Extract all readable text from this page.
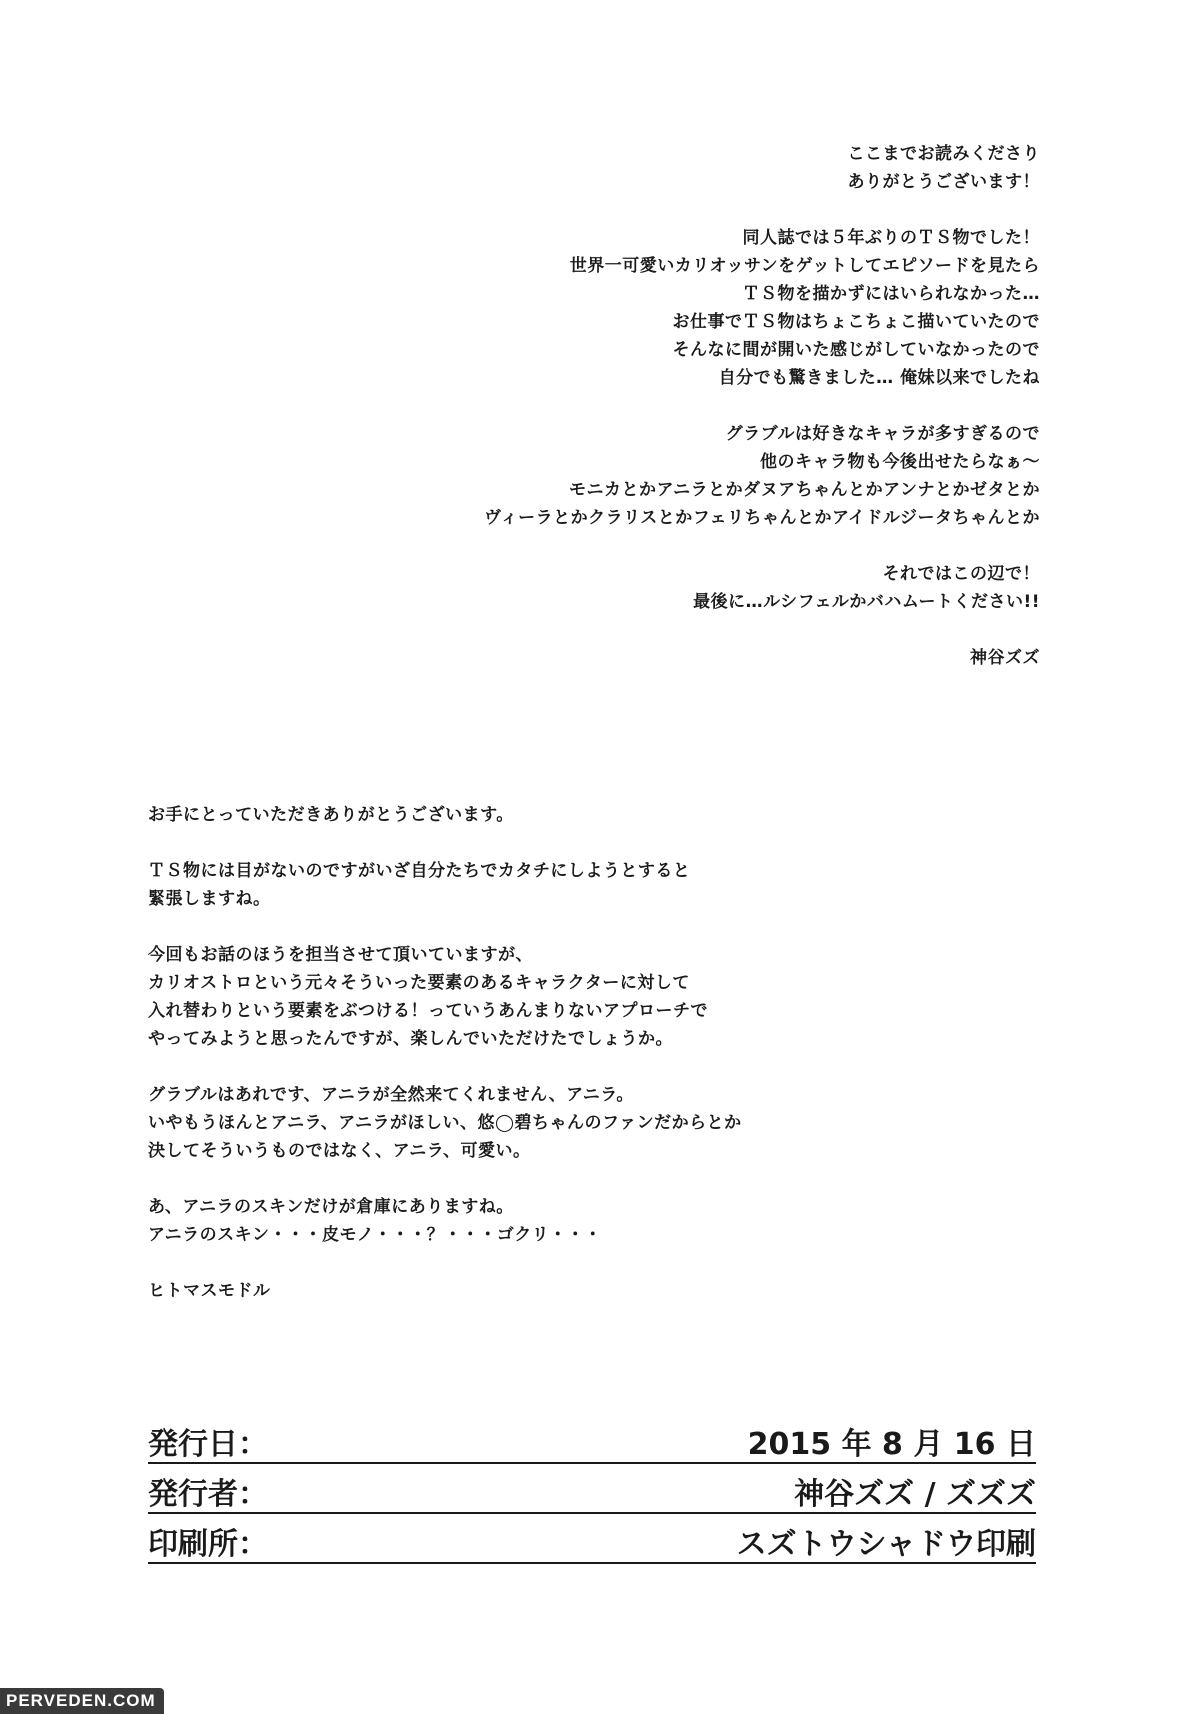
ここまでお読みくださり
ありがとうございます！
同人誌では５年ぶりのＴＳ物でした！
世界一可愛いカリオッサンをゲットしてエピソードを見たら
ＴＳ物を描かずにはいられなかった…
お仕事でＴＳ物はちょこちょこ描いていたので
そんなに間が開いた感じがしていなかったので
自分でも驚きました… 俺妹以来でしたね
グラブルは好きなキャラが多すぎるので
他のキャラ物も今後出せたらなぁ～
モニカとかアニラとかダヌアちゃんとかアンナとかゼタとか
ヴィーラとかクラリスとかフェリちゃんとかアイドルジータちゃんとか
それではこの辺で！
最後に…ルシフェルかバハムートください!!
神谷ズズ
お手にとっていただきありがとうございます。
ＴＳ物には目がないのですがいざ自分たちでカタチにしようとすると
緊張しますね。
今回もお話のほうを担当させて頂いていますが、
カリオストロという元々そういった要素のあるキャラクターに対して
入れ替わりという要素をぶつける！っていうあんまりないアプローチで
やってみようと思ったんですが、楽しんでいただけたでしょうか。
グラブルはあれです、アニラが全然来てくれません、アニラ。
いやもうほんとアニラ、アニラがほしい、悠◯碧ちゃんのファンだからとか
決してそういうものではなく、アニラ、可愛い。
あ、アニラのスキンだけが倉庫にありますね。
アニラのスキン・・・皮モノ・・・？・・・ゴクリ・・・
ヒトマスモドル
発行日：	2015 年 8 月 16 日
発行者：	神谷ズズ / ズズズ
印刷所：	スズトウシャドウ印刷
PERVEDEN.COM
